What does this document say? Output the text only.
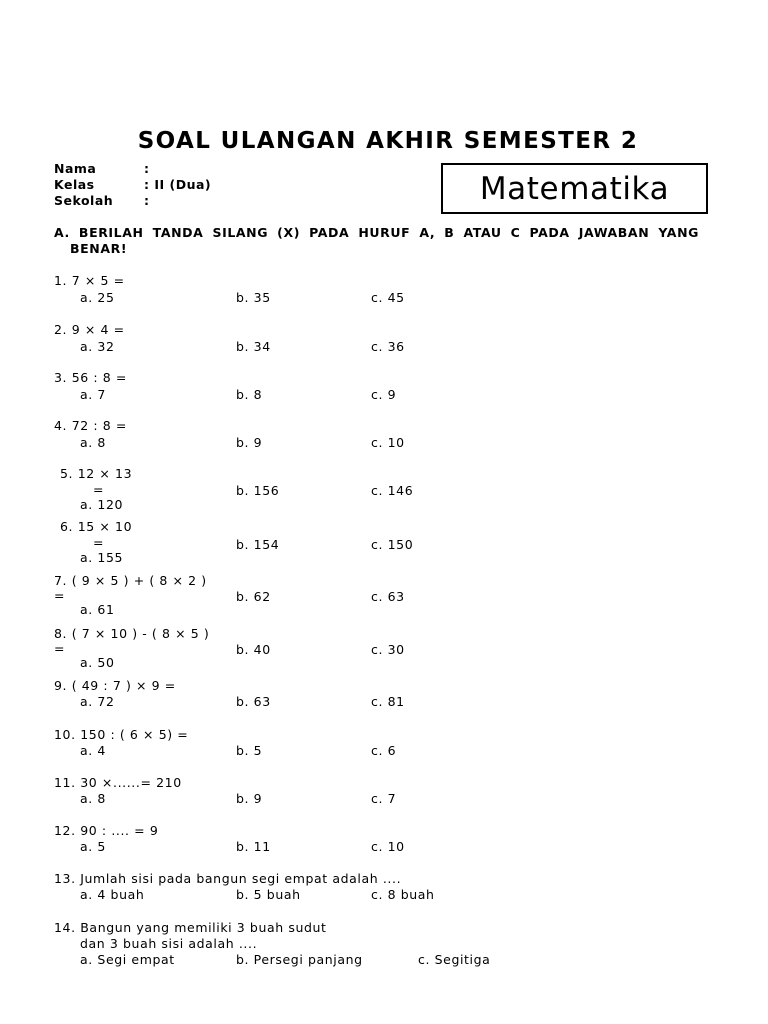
SOAL ULANGAN AKHIR SEMESTER 2
Nama	:
Kelas	: II (Dua)
Sekolah :	Matematika
A. BERILAH TANDA SILANG (X) PADA HURUF A, B ATAU C PADA JAWABAN YANG
BENAR!
1. 7 × 5 =
a. 25	b. 35	c. 45
2. 9 × 4 =
a. 32	b. 34	c. 36
3. 56 : 8 =
a. 7	b. 8	c. 9
4. 72 : 8 =
a. 8	b. 9	c. 10
5. 12 × 13
=
a. 120
b. 156	c. 146
6. 15 × 10
=
a. 155
b. 154	c. 150
7. ( 9 × 5 ) + ( 8 × 2 )
=
a. 61
b. 62	c. 63
8. ( 7 × 10 ) - ( 8 × 5 )
=
a. 50
b. 40	c. 30
9. ( 49 : 7 ) × 9 =
a. 72	b. 63	c. 81
10. 150 : ( 6 × 5) =
a. 4	b. 5	c. 6
11. 30 ×......= 210
a. 8	b. 9	c. 7
12. 90 : .... = 9
a. 5	b. 11	c. 10
13. Jumlah sisi pada bangun segi empat adalah ....
a. 4 buah	b. 5 buah	c. 8 buah
14. Bangun yang memiliki 3 buah sudut
dan 3 buah sisi adalah ....
a. Segi empat	b. Persegi panjang	c. Segitiga
